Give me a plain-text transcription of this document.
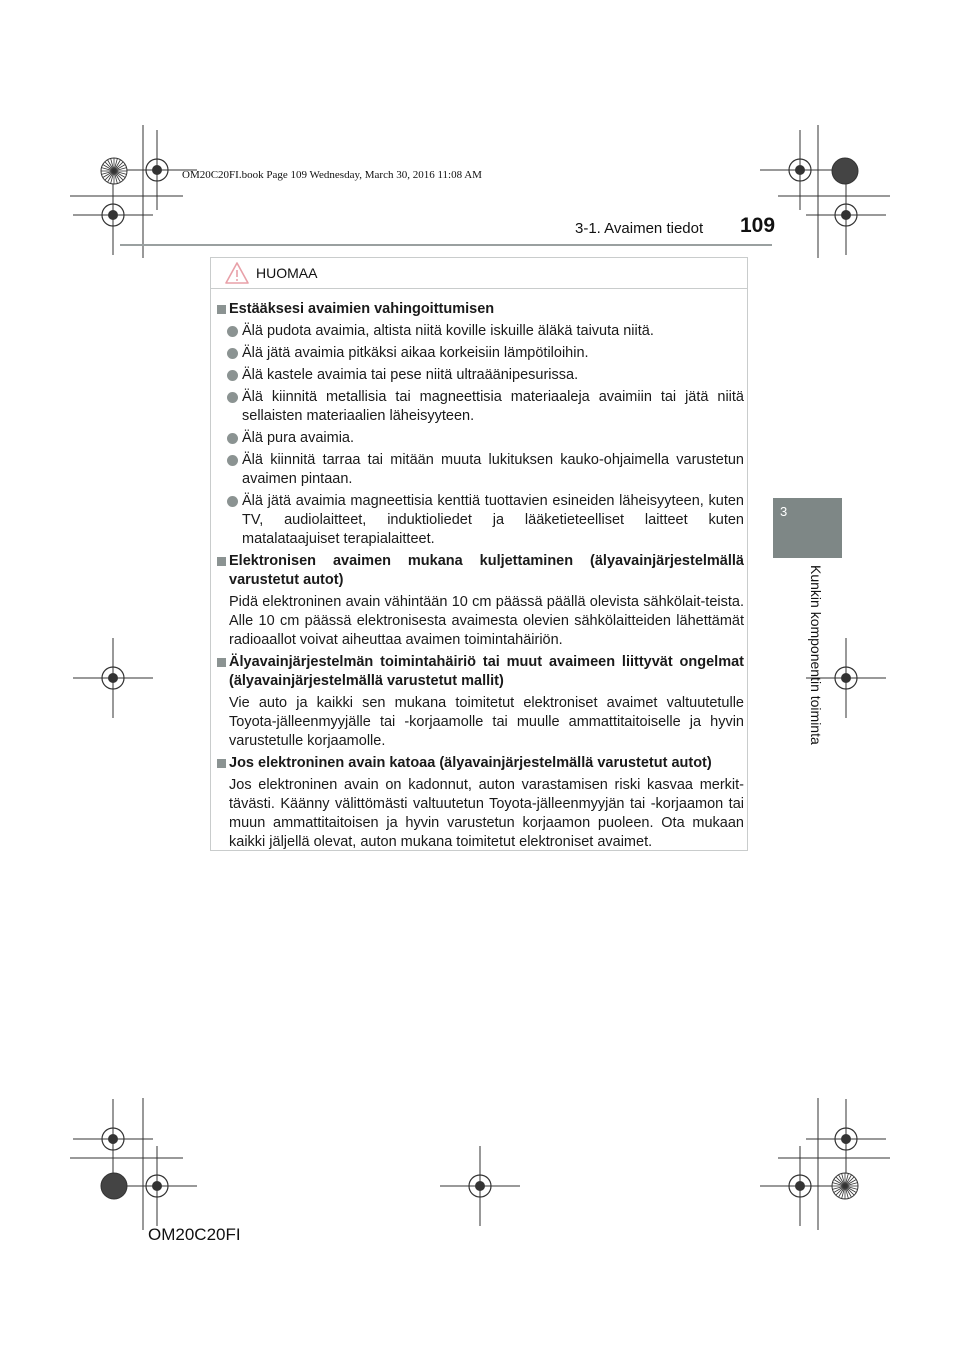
OM20C20FI.book Page 109 Wednesday, March 30, 2016 11:08 AM
3-1. Avaimen tiedot 109
3
Kunkin komponentin toiminta
HUOMAA
Estääksesi avaimien vahingoittumisen
Älä pudota avaimia, altista niitä koville iskuille äläkä taivuta niitä.
Älä jätä avaimia pitkäksi aikaa korkeisiin lämpötiloihin.
Älä kastele avaimia tai pese niitä ultraäänipesurissa.
Älä kiinnitä metallisia tai magneettisia materiaaleja avaimiin tai jätä niitä sellaisten materiaalien läheisyyteen.
Älä pura avaimia.
Älä kiinnitä tarraa tai mitään muuta lukituksen kauko-ohjaimella varustetun avaimen pintaan.
Älä jätä avaimia magneettisia kenttiä tuottavien esineiden läheisyyteen, kuten TV, audiolaitteet, induktioliedet ja lääketieteelliset laitteet kuten matalataajuiset terapialaitteet.
Elektronisen avaimen mukana kuljettaminen (älyavainjärjestelmällä varustetut autot)
Pidä elektroninen avain vähintään 10 cm päässä päällä olevista sähkölait-teista. Alle 10 cm päässä elektronisesta avaimesta olevien sähkölaitteiden lähettämät radioaallot voivat aiheuttaa avaimen toimintahäiriön.
Älyavainjärjestelmän toimintahäiriö tai muut avaimeen liittyvät ongelmat (älyavainjärjestelmällä varustetut mallit)
Vie auto ja kaikki sen mukana toimitetut elektroniset avaimet valtuutetulle Toyota-jälleenmyyjälle tai -korjaamolle tai muulle ammattitaitoiselle ja hyvin varustetulle korjaamolle.
Jos elektroninen avain katoaa (älyavainjärjestelmällä varustetut autot)
Jos elektroninen avain on kadonnut, auton varastamisen riski kasvaa merkit-tävästi. Käänny välittömästi valtuutetun Toyota-jälleenmyyjän tai -korjaamon tai muun ammattitaitoisen ja hyvin varustetun korjaamon puoleen. Ota mukaan kaikki jäljellä olevat, auton mukana toimitetut elektroniset avaimet.
OM20C20FI
